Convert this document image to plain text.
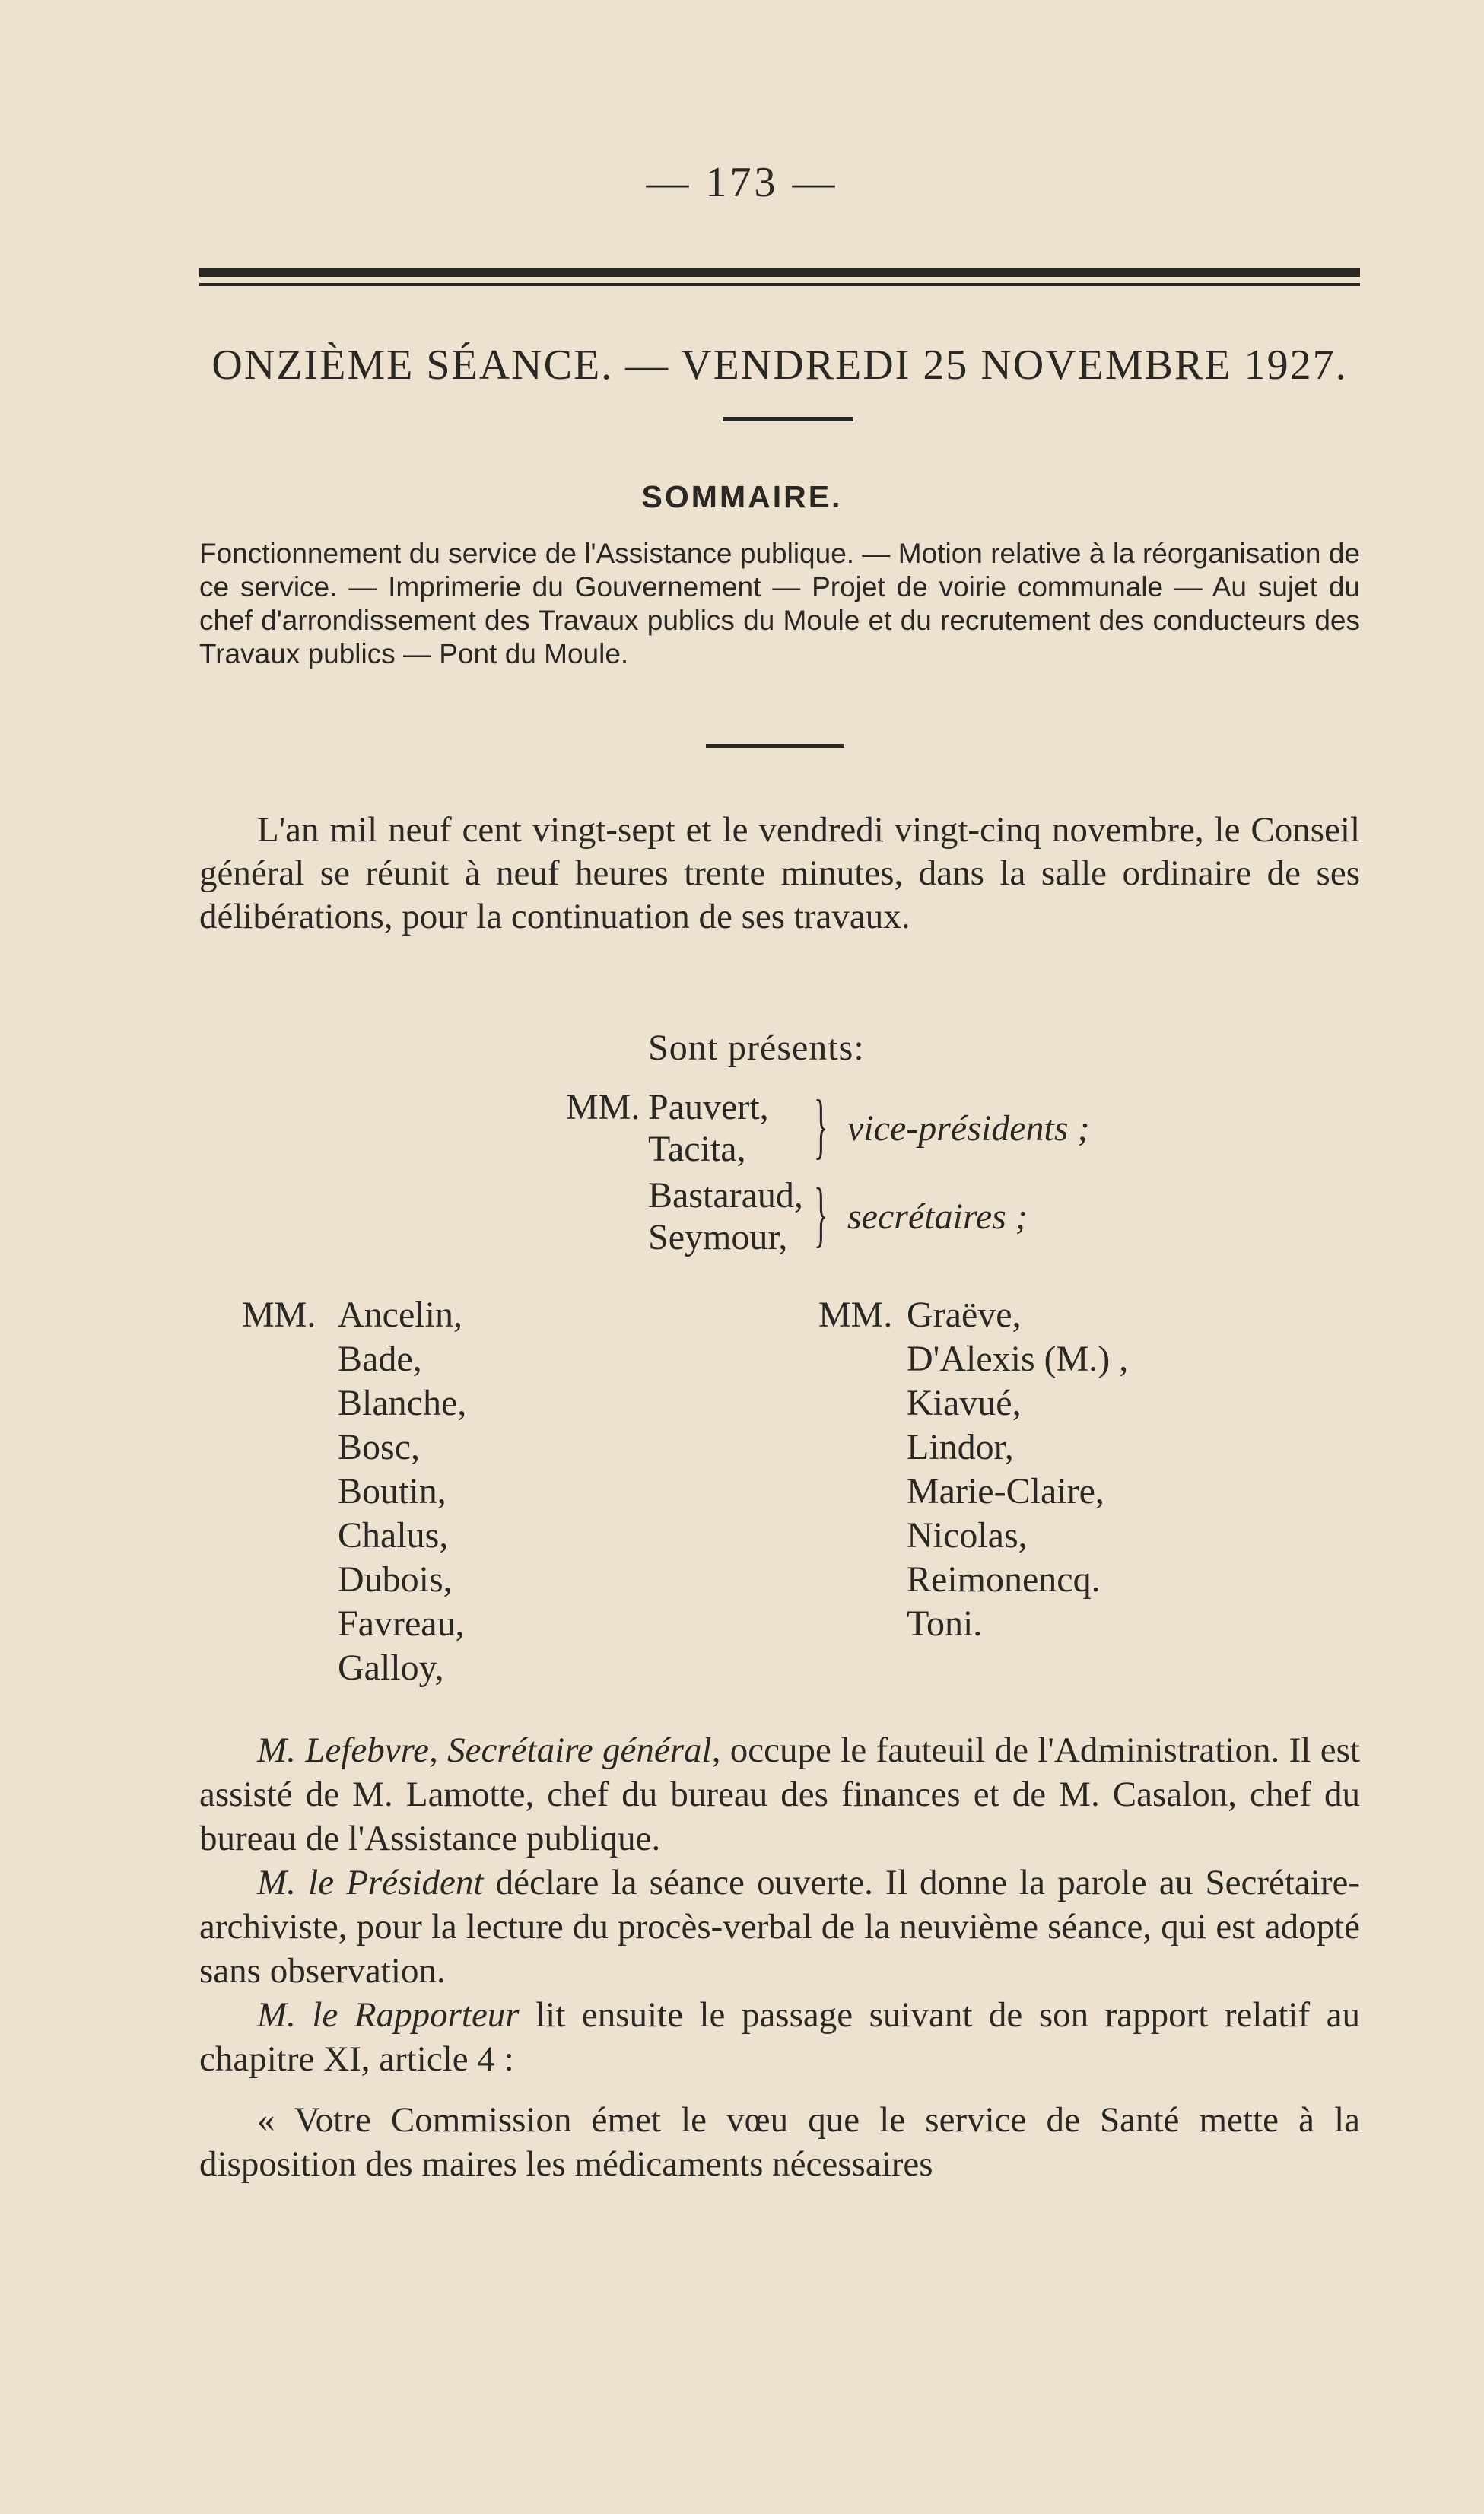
— 173 —
ONZIÈME SÉANCE. — VENDREDI 25 NOVEMBRE 1927.
SOMMAIRE.
Fonctionnement du service de l'Assistance publique. — Motion relative à la réorganisation de ce service. — Imprimerie du Gouvernement — Projet de voirie communale — Au sujet du chef d'arrondissement des Travaux publics du Moule et du recrutement des conducteurs des Travaux publics — Pont du Moule.
L'an mil neuf cent vingt-sept et le vendredi vingt-cinq novembre, le Conseil général se réunit à neuf heures trente minutes, dans la salle ordinaire de ses délibérations, pour la continuation de ses travaux.
Sont présents:
MM. Pauvert,
Tacita, } vice-présidents ;
Bastaraud,
Seymour, } secrétaires ;
MM. Ancelin,
Bade,
Blanche,
Bosc,
Boutin,
Chalus,
Dubois,
Favreau,
Galloy,
MM. Graëve,
D'Alexis (M.) ,
Kiavué,
Lindor,
Marie-Claire,
Nicolas,
Reimonencq.
Toni.

M. Lefebvre, Secrétaire général, occupe le fauteuil de l'Administration. Il est assisté de M. Lamotte, chef du bureau des finances et de M. Casalon, chef du bureau de l'Assistance publique.

M. le Président déclare la séance ouverte. Il donne la parole au Secrétaire-archiviste, pour la lecture du procès-verbal de la neuvième séance, qui est adopté sans observation.

M. le Rapporteur lit ensuite le passage suivant de son rapport relatif au chapitre XI, article 4 :

« Votre Commission émet le vœu que le service de Santé mette à la disposition des maires les médicaments nécessaires
